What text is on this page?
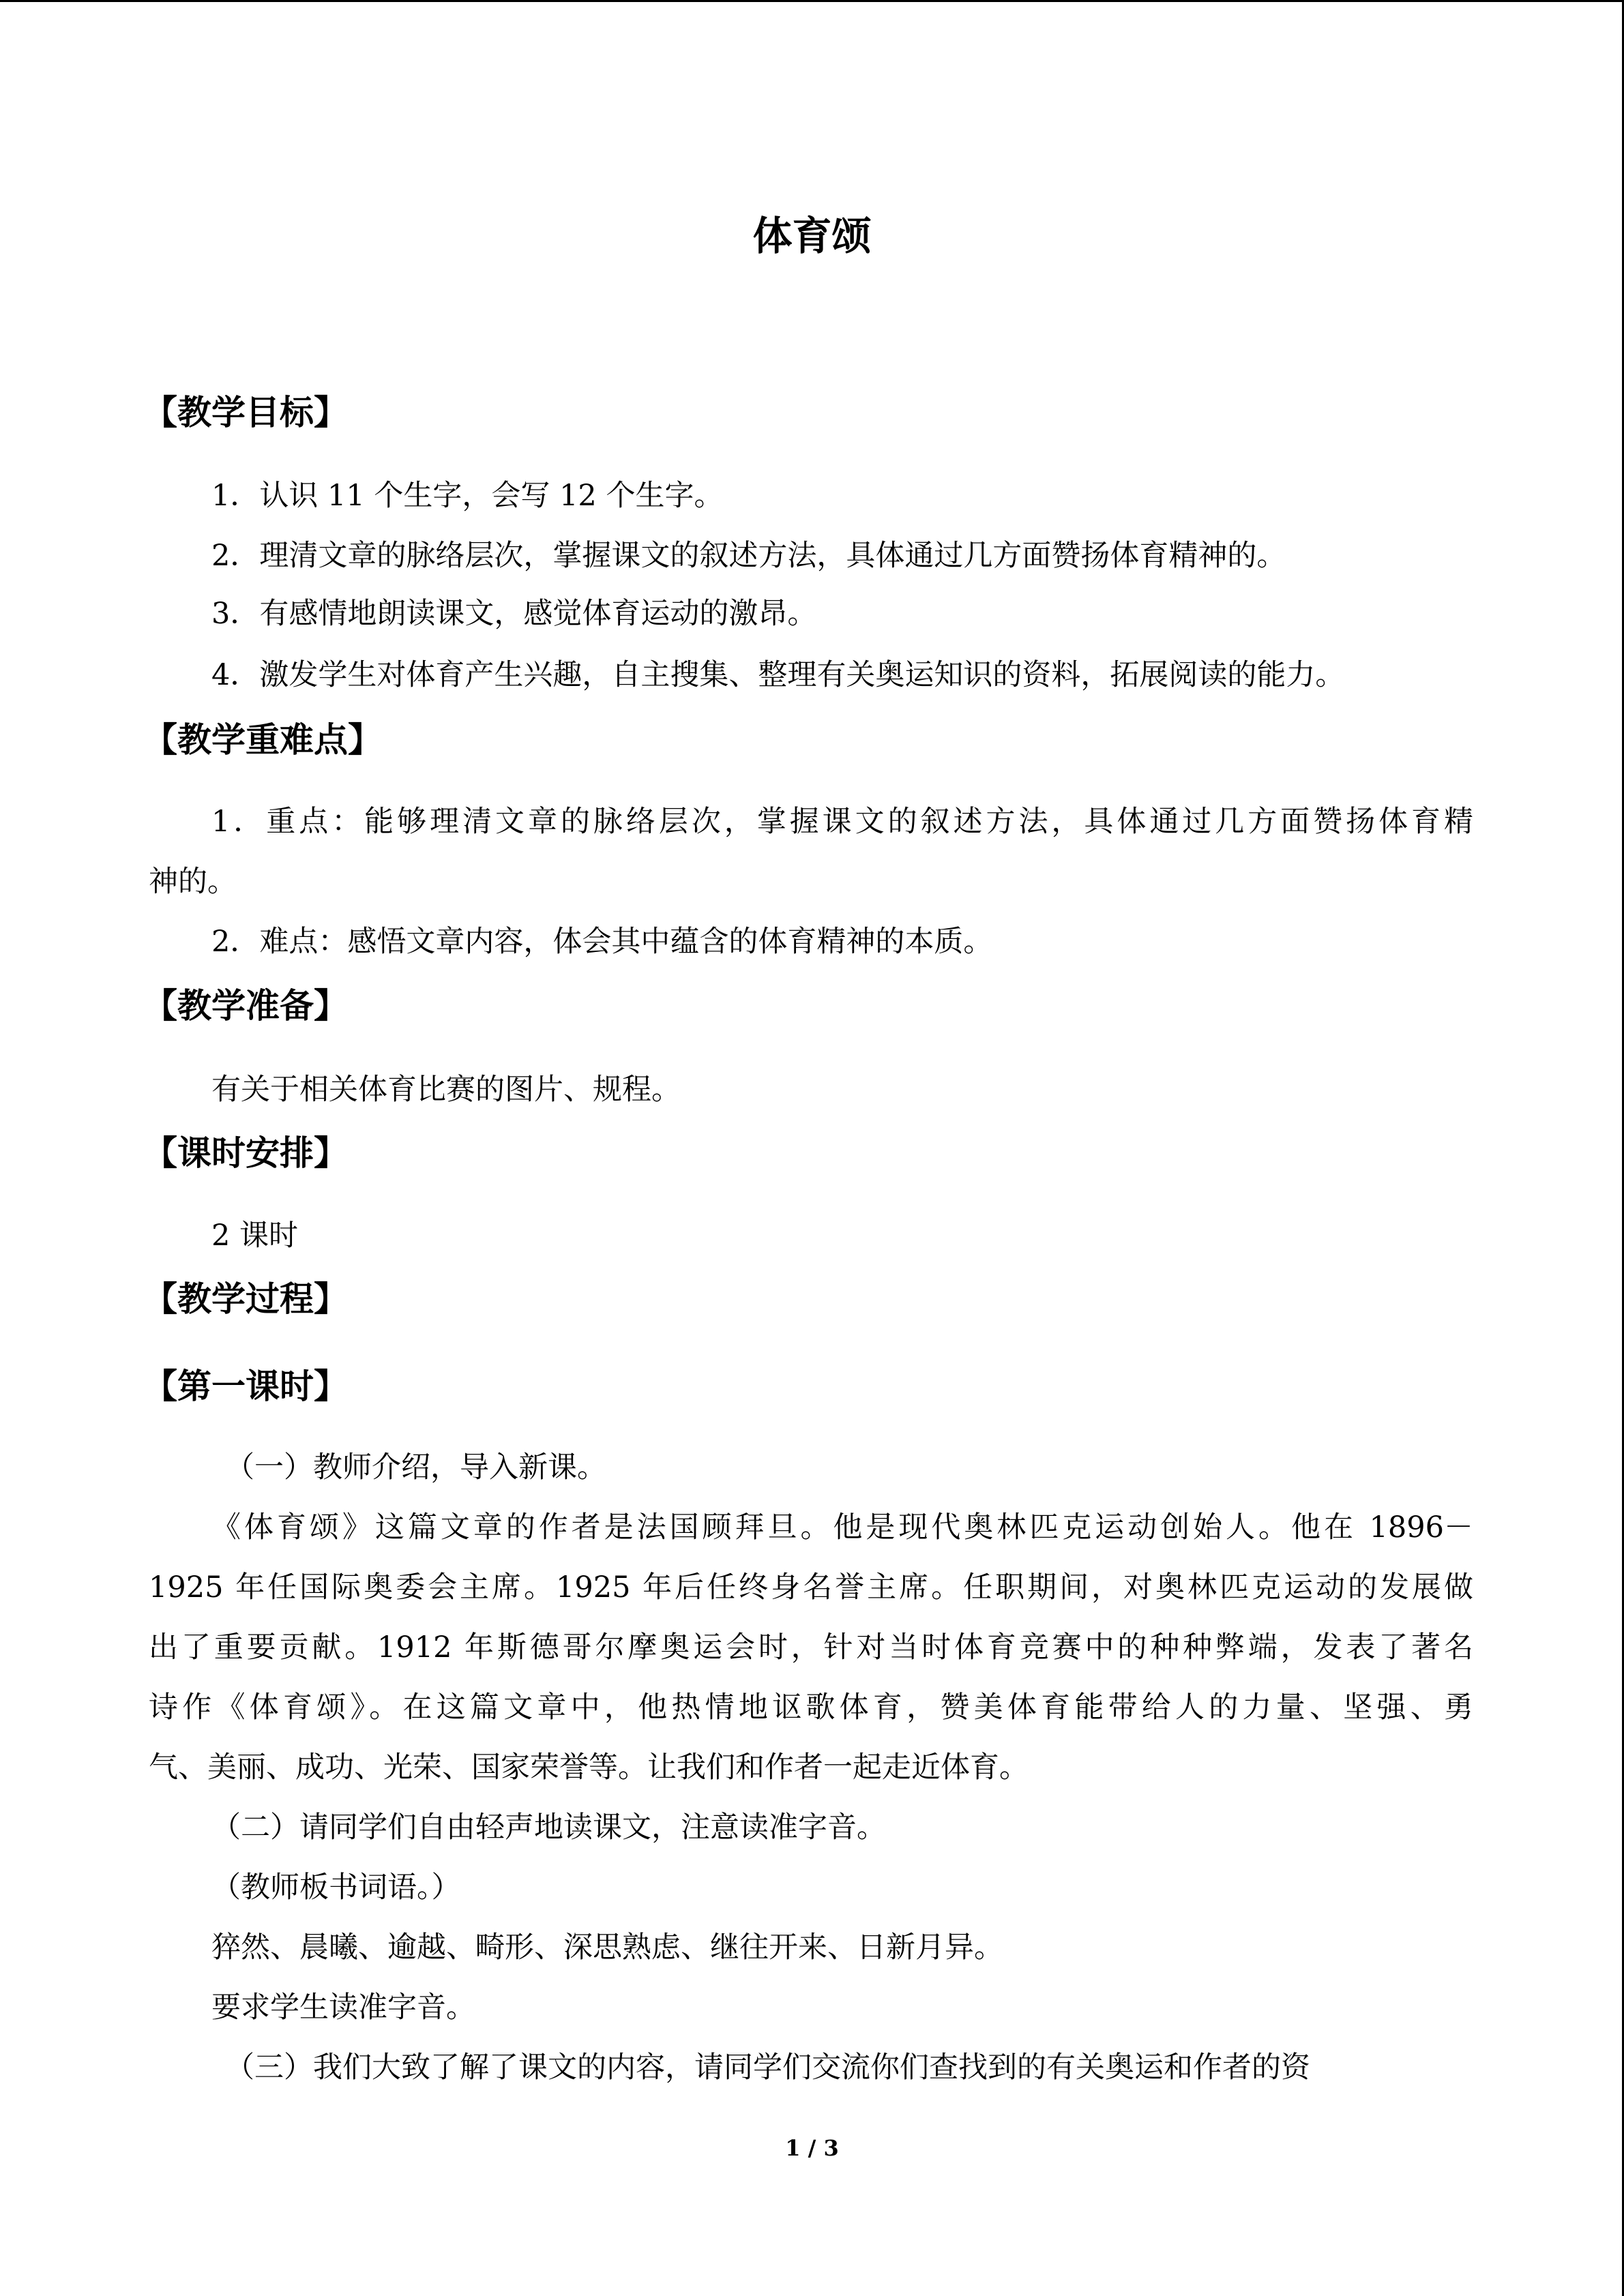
体育颂
【教学目标】
1．认识 11 个生字，会写 12 个生字。
2．理清文章的脉络层次，掌握课文的叙述方法，具体通过几方面赞扬体育精神的。
3．有感情地朗读课文，感觉体育运动的激昂。
4．激发学生对体育产生兴趣，自主搜集、整理有关奥运知识的资料，拓展阅读的能力。
【教学重难点】
1．重点：能够理清文章的脉络层次，掌握课文的叙述方法，具体通过几方面赞扬体育精
神的。
2．难点：感悟文章内容，体会其中蕴含的体育精神的本质。
【教学准备】
有关于相关体育比赛的图片、规程。
【课时安排】
2 课时
【教学过程】
【第一课时】
（一）教师介绍，导入新课。
《体育颂》这篇文章的作者是法国顾拜旦。他是现代奥林匹克运动创始人。他在 1896－
1925 年任国际奥委会主席。1925 年后任终身名誉主席。任职期间，对奥林匹克运动的发展做
出了重要贡献。1912 年斯德哥尔摩奥运会时，针对当时体育竞赛中的种种弊端，发表了著名
诗作《体育颂》。在这篇文章中，他热情地讴歌体育，赞美体育能带给人的力量、坚强、勇
气、美丽、成功、光荣、国家荣誉等。让我们和作者一起走近体育。
（二）请同学们自由轻声地读课文，注意读准字音。
（教师板书词语。）
猝然、晨曦、逾越、畸形、深思熟虑、继往开来、日新月异。
要求学生读准字音。
（三）我们大致了解了课文的内容，请同学们交流你们查找到的有关奥运和作者的资
1 / 3
